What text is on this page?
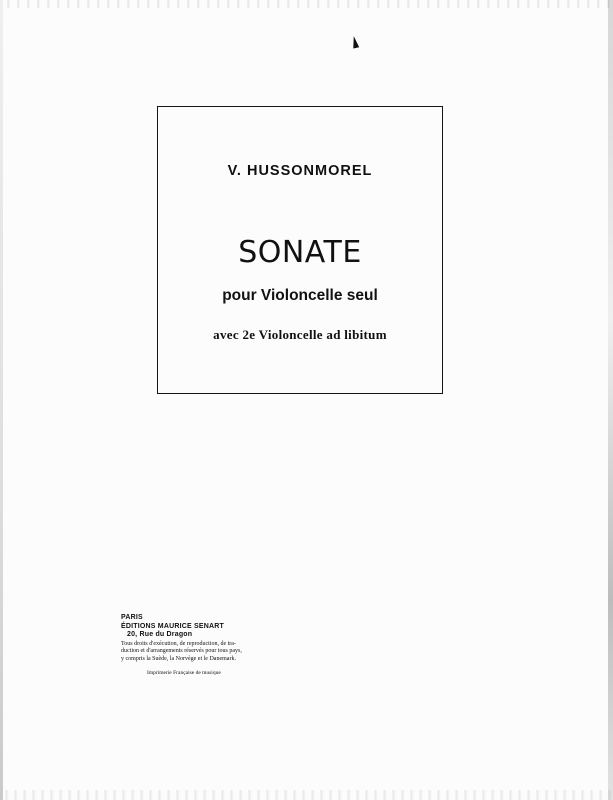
V. HUSSONMOREL
SONATE
pour Violoncelle seul
avec 2e Violoncelle ad libitum
PARIS
ÉDITIONS MAURICE SENART
20, Rue du Dragon
Tous droits d'exécution, de reproduction, de tra-
duction et d'arrangements réservés pour tous pays,
y compris la Suède, la Norvège et le Danemark.
Imprimerie Française de musique
